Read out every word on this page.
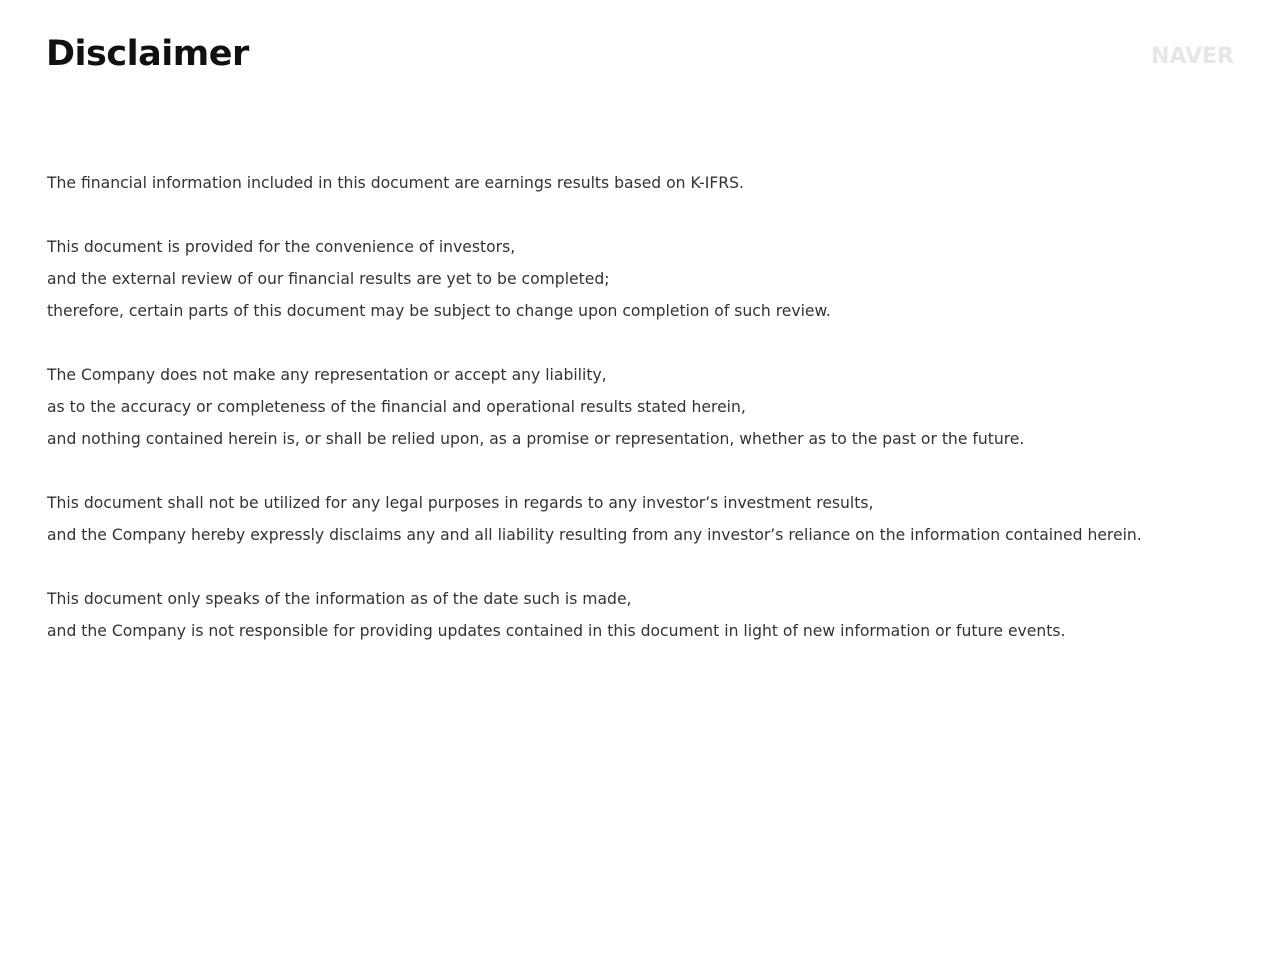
Disclaimer	NAVER

The financial information included in this document are earnings results based on K-IFRS.

This document is provided for the convenience of investors,
and the external review of our financial results are yet to be completed;
therefore, certain parts of this document may be subject to change upon completion of such review.

The Company does not make any representation or accept any liability,
as to the accuracy or completeness of the financial and operational results stated herein,
and nothing contained herein is, or shall be relied upon, as a promise or representation, whether as to the past or the future.

This document shall not be utilized for any legal purposes in regards to any investor’s investment results,
and the Company hereby expressly disclaims any and all liability resulting from any investor’s reliance on the information contained herein.

This document only speaks of the information as of the date such is made,
and the Company is not responsible for providing updates contained in this document in light of new information or future events.
